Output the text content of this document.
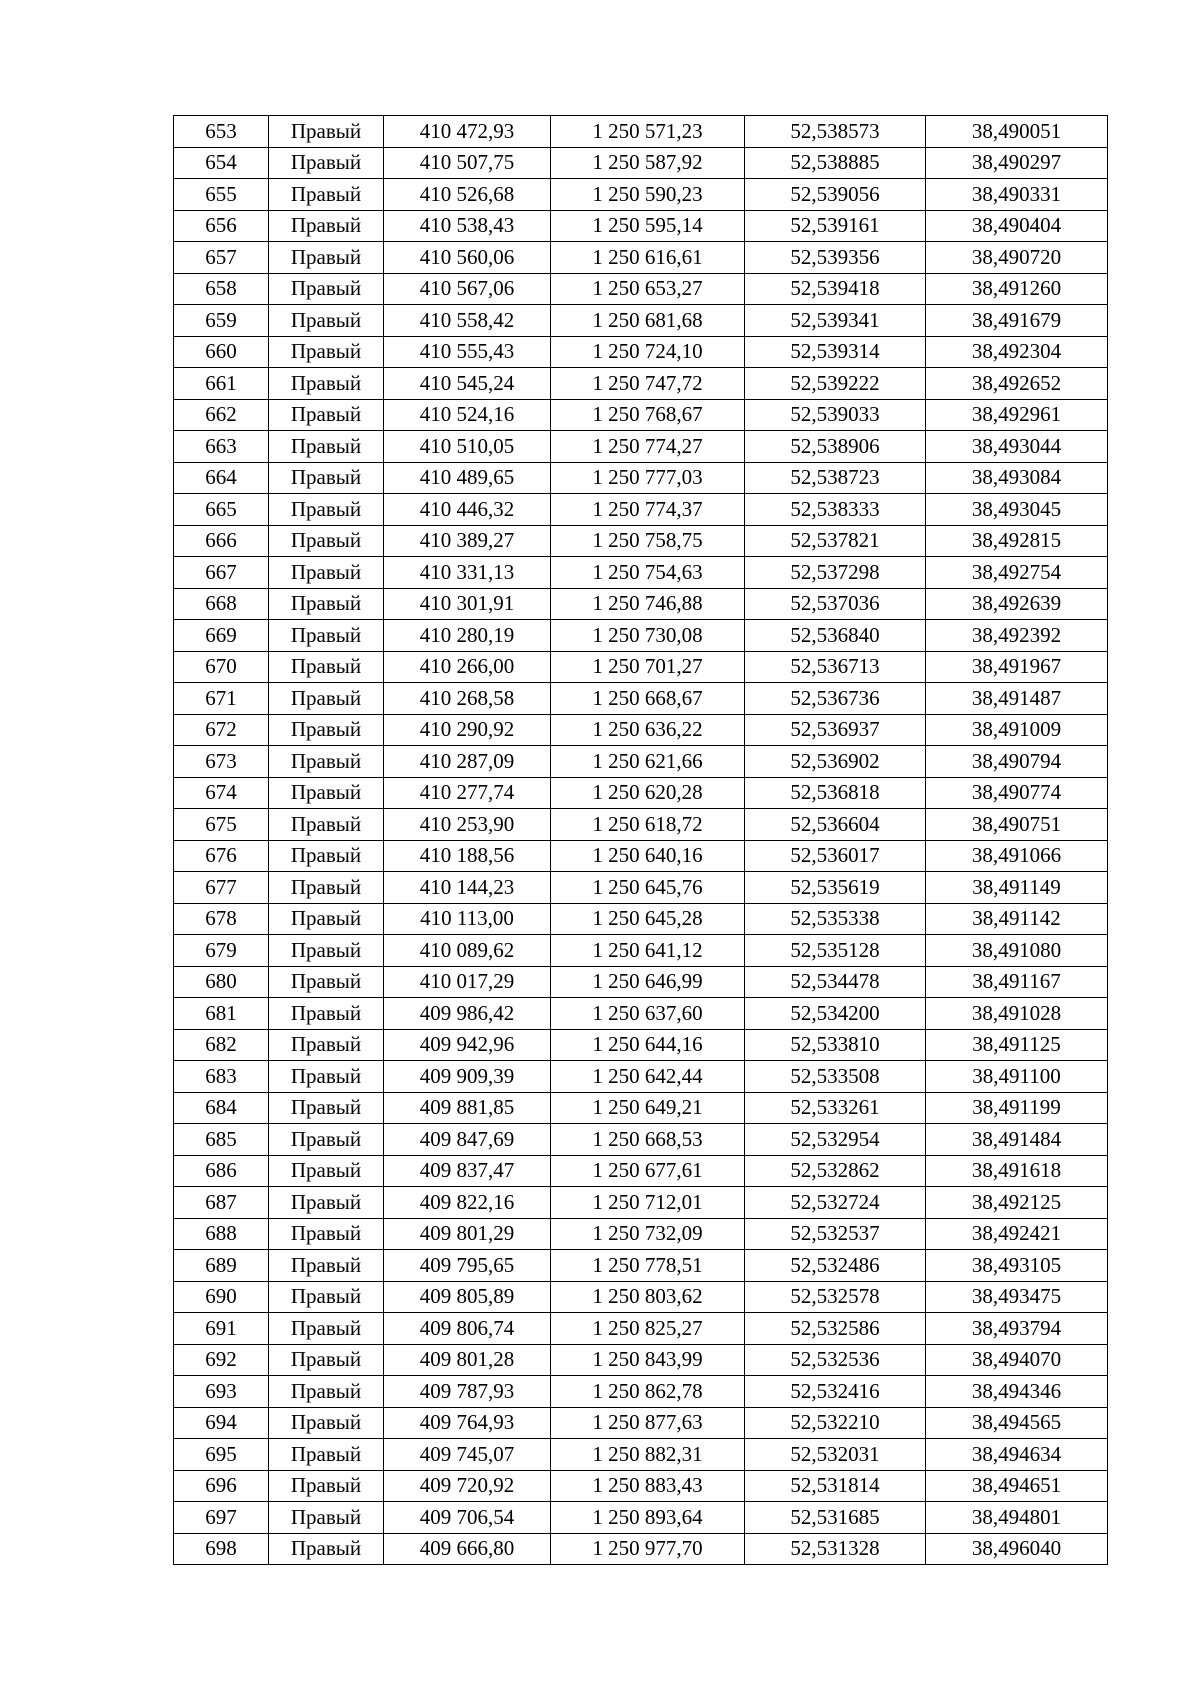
653	Правый	410 472,93	1 250 571,23	52,538573	38,490051
654	Правый	410 507,75	1 250 587,92	52,538885	38,490297
655	Правый	410 526,68	1 250 590,23	52,539056	38,490331
656	Правый	410 538,43	1 250 595,14	52,539161	38,490404
657	Правый	410 560,06	1 250 616,61	52,539356	38,490720
658	Правый	410 567,06	1 250 653,27	52,539418	38,491260
659	Правый	410 558,42	1 250 681,68	52,539341	38,491679
660	Правый	410 555,43	1 250 724,10	52,539314	38,492304
661	Правый	410 545,24	1 250 747,72	52,539222	38,492652
662	Правый	410 524,16	1 250 768,67	52,539033	38,492961
663	Правый	410 510,05	1 250 774,27	52,538906	38,493044
664	Правый	410 489,65	1 250 777,03	52,538723	38,493084
665	Правый	410 446,32	1 250 774,37	52,538333	38,493045
666	Правый	410 389,27	1 250 758,75	52,537821	38,492815
667	Правый	410 331,13	1 250 754,63	52,537298	38,492754
668	Правый	410 301,91	1 250 746,88	52,537036	38,492639
669	Правый	410 280,19	1 250 730,08	52,536840	38,492392
670	Правый	410 266,00	1 250 701,27	52,536713	38,491967
671	Правый	410 268,58	1 250 668,67	52,536736	38,491487
672	Правый	410 290,92	1 250 636,22	52,536937	38,491009
673	Правый	410 287,09	1 250 621,66	52,536902	38,490794
674	Правый	410 277,74	1 250 620,28	52,536818	38,490774
675	Правый	410 253,90	1 250 618,72	52,536604	38,490751
676	Правый	410 188,56	1 250 640,16	52,536017	38,491066
677	Правый	410 144,23	1 250 645,76	52,535619	38,491149
678	Правый	410 113,00	1 250 645,28	52,535338	38,491142
679	Правый	410 089,62	1 250 641,12	52,535128	38,491080
680	Правый	410 017,29	1 250 646,99	52,534478	38,491167
681	Правый	409 986,42	1 250 637,60	52,534200	38,491028
682	Правый	409 942,96	1 250 644,16	52,533810	38,491125
683	Правый	409 909,39	1 250 642,44	52,533508	38,491100
684	Правый	409 881,85	1 250 649,21	52,533261	38,491199
685	Правый	409 847,69	1 250 668,53	52,532954	38,491484
686	Правый	409 837,47	1 250 677,61	52,532862	38,491618
687	Правый	409 822,16	1 250 712,01	52,532724	38,492125
688	Правый	409 801,29	1 250 732,09	52,532537	38,492421
689	Правый	409 795,65	1 250 778,51	52,532486	38,493105
690	Правый	409 805,89	1 250 803,62	52,532578	38,493475
691	Правый	409 806,74	1 250 825,27	52,532586	38,493794
692	Правый	409 801,28	1 250 843,99	52,532536	38,494070
693	Правый	409 787,93	1 250 862,78	52,532416	38,494346
694	Правый	409 764,93	1 250 877,63	52,532210	38,494565
695	Правый	409 745,07	1 250 882,31	52,532031	38,494634
696	Правый	409 720,92	1 250 883,43	52,531814	38,494651
697	Правый	409 706,54	1 250 893,64	52,531685	38,494801
698	Правый	409 666,80	1 250 977,70	52,531328	38,496040
